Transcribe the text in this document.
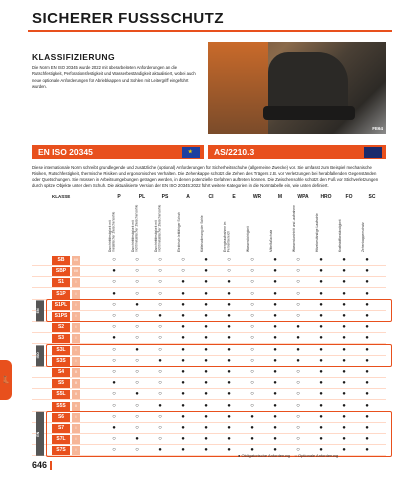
👢
SICHERER FUSSSCHUTZ
KLASSIFIZIERUNG
Die Norm EN ISO 20345 wurde 2022 mit überarbeiteten Anforderungen an die Rutschfestigkeit, Perforationsfestigkeit und Wasserbeständigkeit aktualisiert, wobei auch neue optionale Anforderungen für Abriebkappen und Sohlen mit Leitergriff eingeführt wurden.
FE64
EN ISO 20345	★	AS/2210.3
Diese internationale Norm schreibt grundlegende und zusätzliche (optional) Anforderungen für Sicherheitsschuhe (allgemeine Zwecke) vor. Sie umfasst zum Beispiel mechanische Risiken, Rutschfestigkeit, thermische Risiken und ergonomisches Verhalten. Die Zehenkappe schützt die Zehen des Trägers z.B. vor Verletzungen bei herabfallenden Gegenständen oder Quetschungen. Sie müssen in Arbeitsumgebungen getragen werden, in denen potenzielle Gefahren auftreten können. Die Zwischensohle schützt den Fuß vor Stichverletzungen durch spitze Objekte unter dem Schuh. Die aktualisierte Version der EN ISO 20345:2022 führt weitere Kategorien in die Normtabelle ein, wie unten definiert.
KLASSE	P
Durchtrittfestigkeit mit metallischer Zwischensohle
PL
Durchtrittfestigkeit mit nichtmetallischer Zwischensohle
PS
Durchtrittfestigkeit mit nichtmetallischer Zwischensohle
A
Elektrisch leitfähiger Schuh
CI
Kälteisolierung der Sohle
E
Energieaufnahme im Fersenbereich
WR
Wasserdichtigkeit
M
Mittelfußschutz
WPA
Wasserdurchtritt und -aufnahme
HRO
Hitzebeständige Laufsohle
FO
Kraftstoffbeständigkeit
SC
Zehenkappenschutz
SB	I/II	○	○	○	○	●	○	○	●	○	●	●	●
SBP	I/II	●	○	○	○	●	○	○	●	○	●	●	●
S1	I	○	○	○	●	●	●	○	●	○	●	●	●
S1P	I	●	○	○	●	●	●	○	●	○	●	●	●
S1PL	I	○	●	○	●	●	●	○	●	○	●	●	●
S1PS	I	○	○	●	●	●	●	○	●	○	●	●	●
S2	I	○	○	○	●	●	●	○	●	●	●	●	●
S3	I	●	○	○	●	●	●	○	●	●	●	●	●
S3L	I	○	●	○	●	●	●	○	●	●	●	●	●
S3S	I	○	○	●	●	●	●	○	●	●	●	●	●
S4	II	○	○	○	●	●	●	○	●	○	●	●	●
S5	II	●	○	○	●	●	●	○	●	○	●	●	●
S5L	II	○	●	○	●	●	●	○	●	○	●	●	●
S5S	II	○	○	●	●	●	●	○	●	○	●	●	●
S6	I	○	○	○	●	●	●	●	●	○	●	●	●
S7	I	●	○	○	●	●	●	●	●	○	●	●	●
S7L	I	○	●	○	●	●	●	●	●	○	●	●	●
S7S	I	○	○	●	●	●	●	●	●	○	●	●	●
EN
ISO
EN
● Obligatorische Anforderung ○ Optionale Anforderung
646
